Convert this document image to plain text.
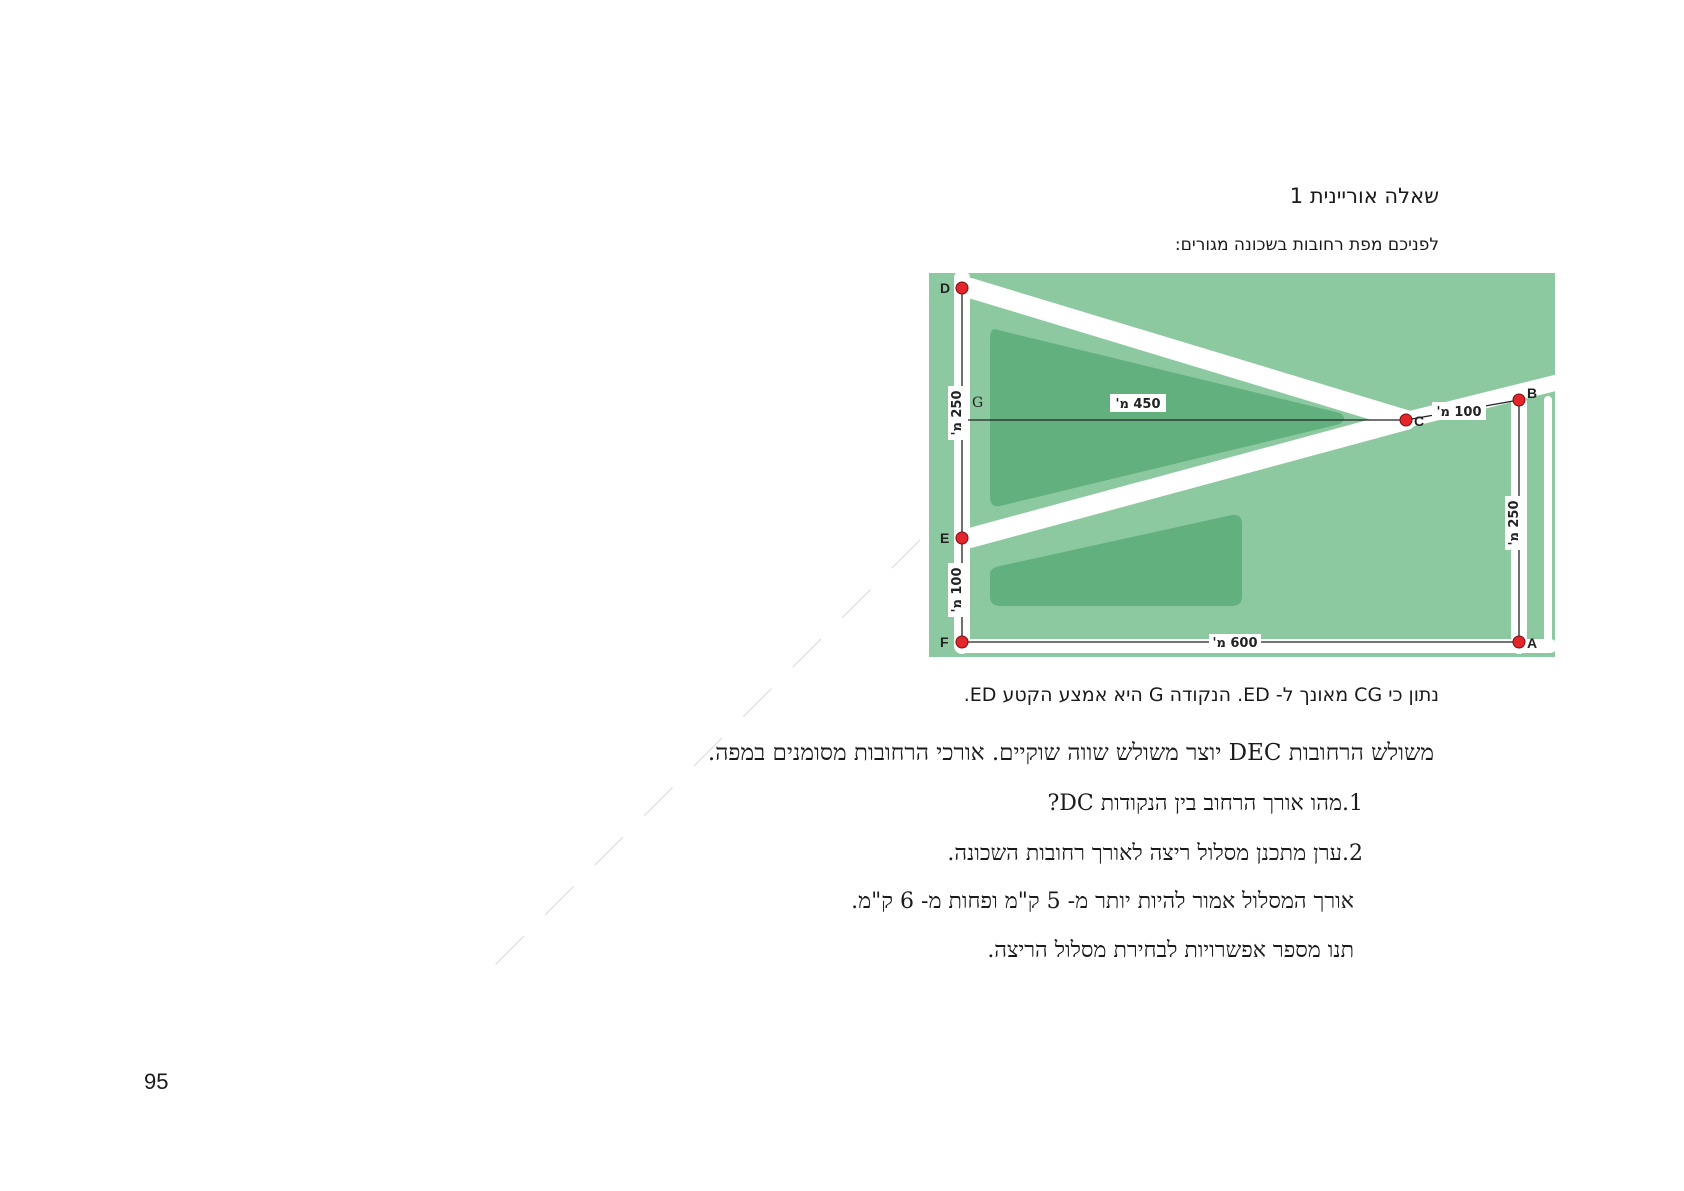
שאלה אוריינית 1
לפניכם מפת רחובות בשכונה מגורים:
D
E
F	A
B
C
G	450 מ'
100 מ'
600 מ'
250 מ'
100 מ'
250 מ'
נתון כי CG מאונך ל- ED. הנקודה G היא אמצע הקטע ED.
משולש הרחובות DEC יוצר משולש שווה שוקיים. אורכי הרחובות מסומנים במפה.
1.מהו אורך הרחוב בין הנקודות DC?
2.ערן מתכנן מסלול ריצה לאורך רחובות השכונה.
אורך המסלול אמור להיות יותר מ- 5 ק"מ ופחות מ- 6 ק"מ.
תנו מספר אפשרויות לבחירת מסלול הריצה.
95
